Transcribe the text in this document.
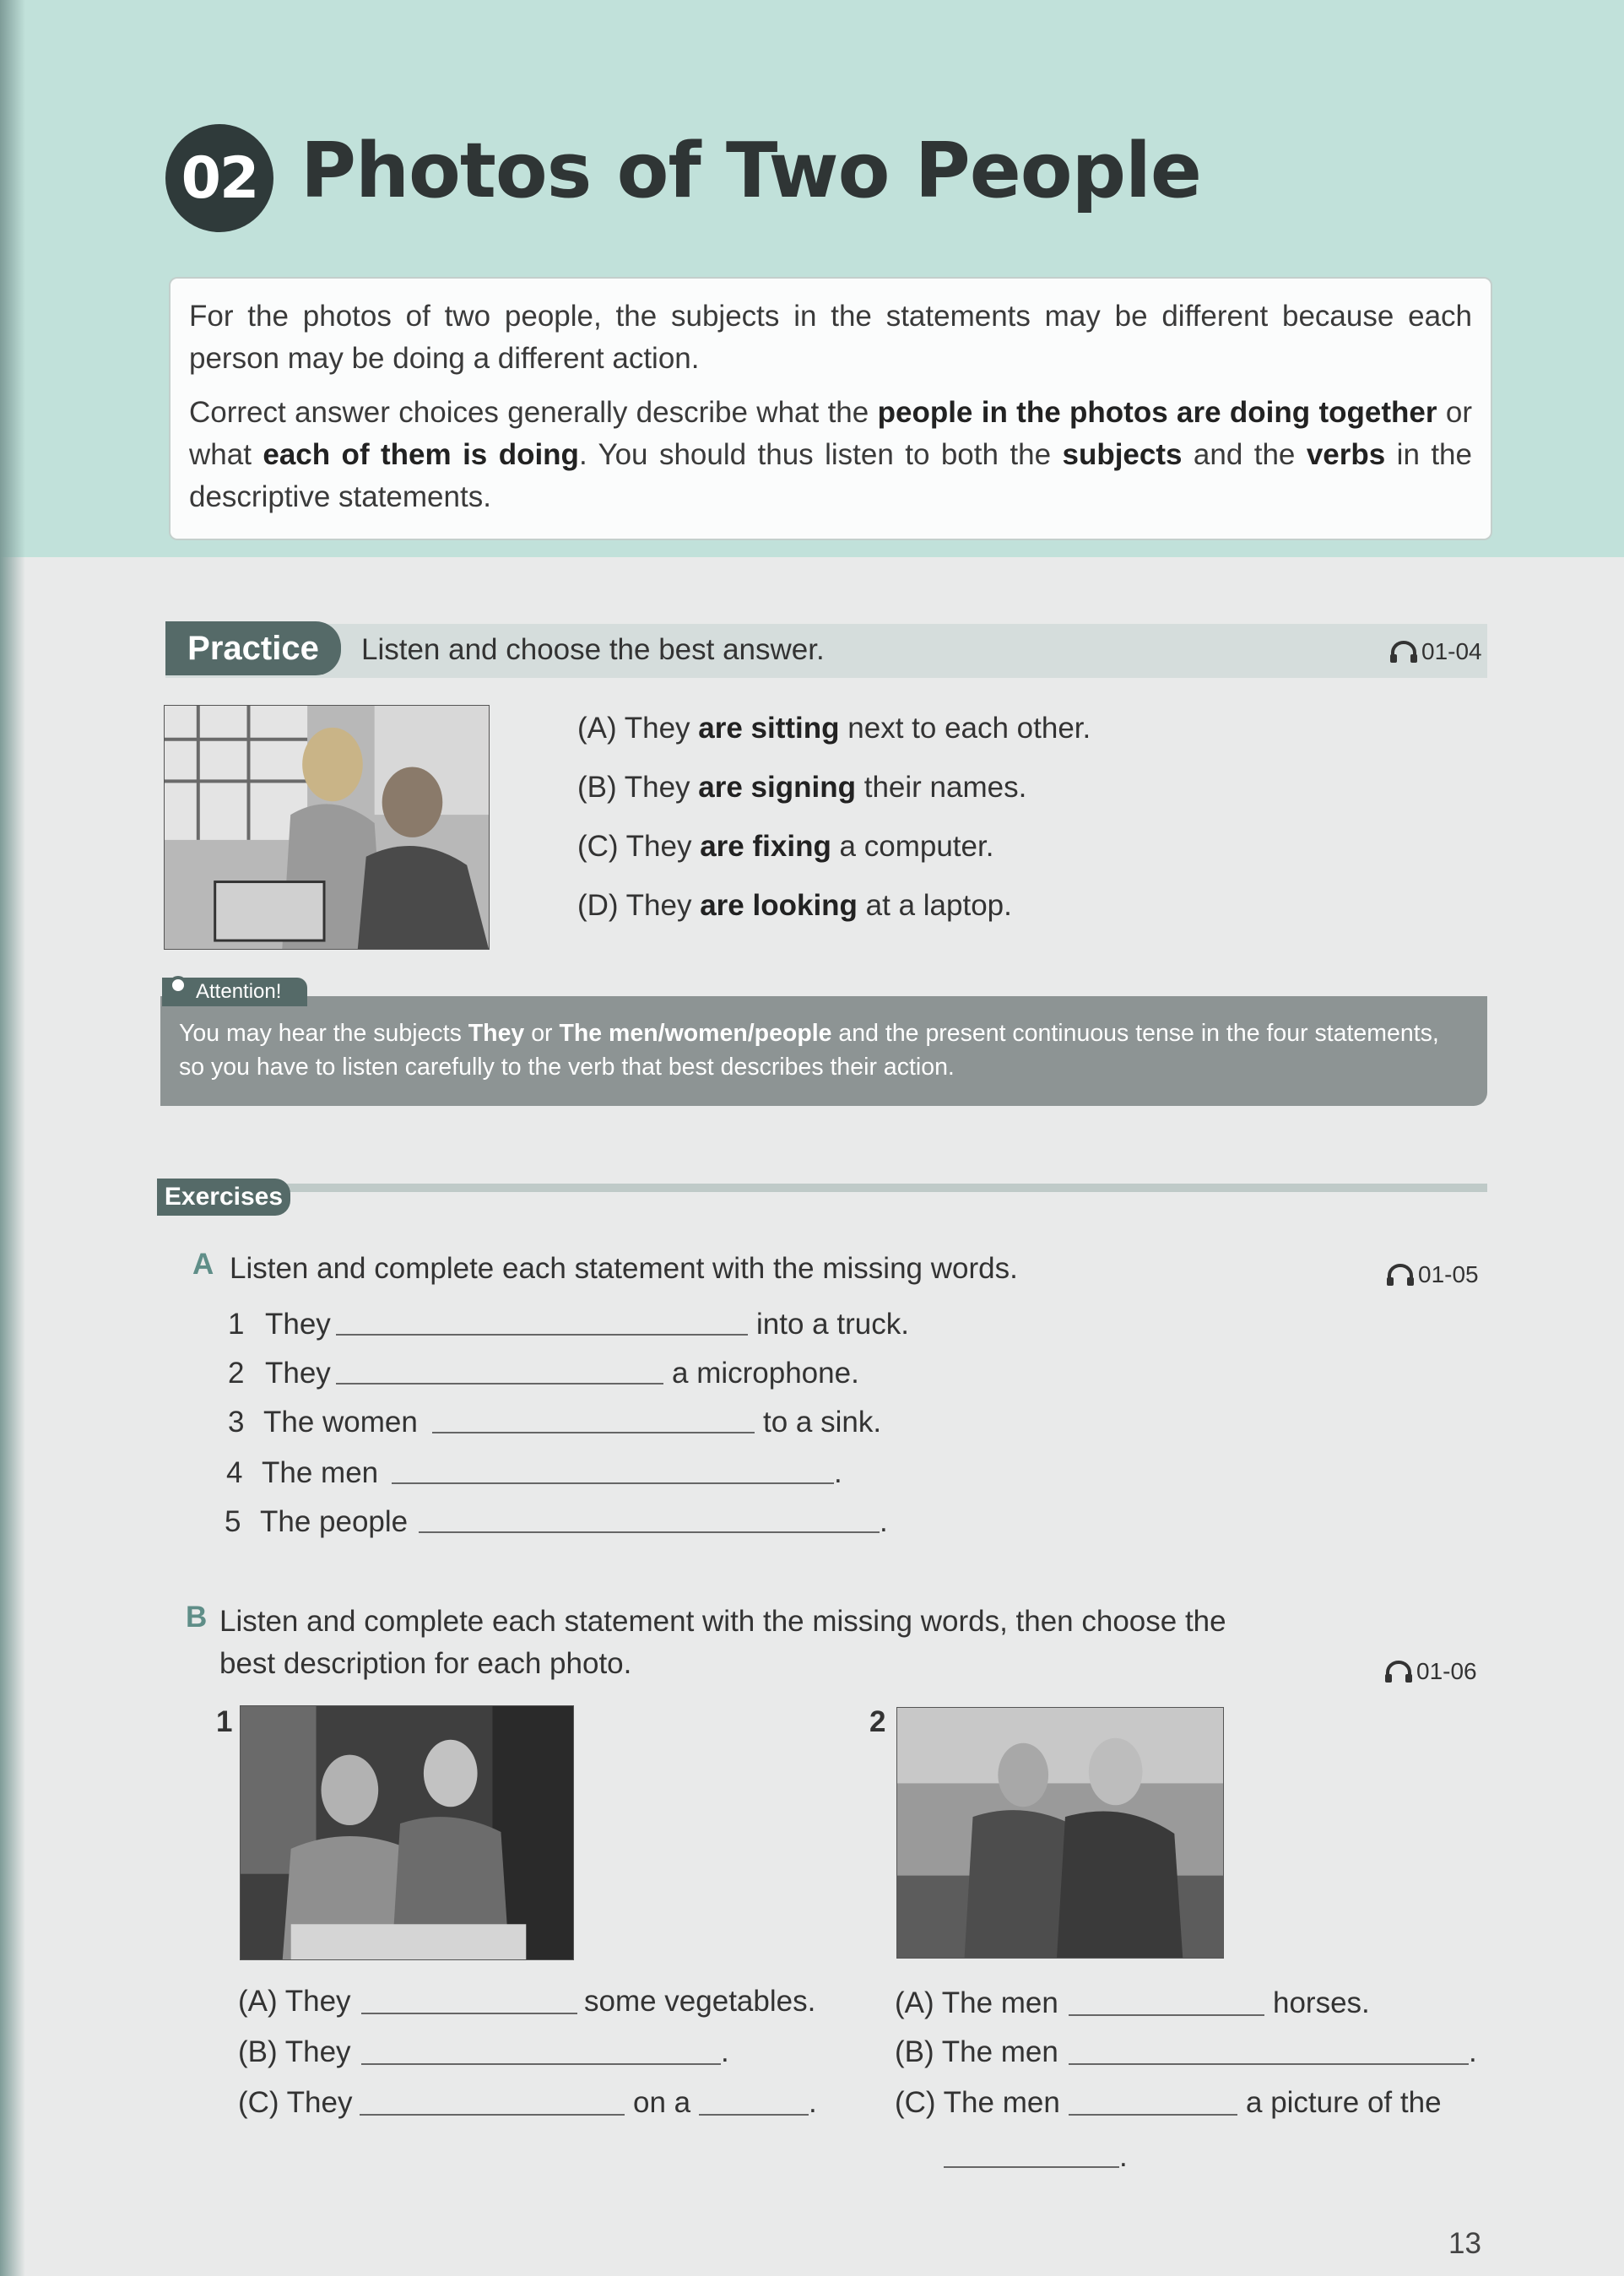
02 Photos of Two People

For the photos of two people, the subjects in the statements may be different because each person may be doing a different action.

Correct answer choices generally describe what the people in the photos are doing together or what each of them is doing. You should thus listen to both the subjects and the verbs in the descriptive statements.

Practice	Listen and choose the best answer.	01-04
(A) They are sitting next to each other.
(B) They are signing their names.
(C) They are fixing a computer.
(D) They are looking at a laptop.
You may hear the subjects They or The men/women/people and the present continuous tense in the four statements, so you have to listen carefully to the verb that best describes their action.
Attention!
Exercises
A Listen and complete each statement with the missing words.	01-05
1 They	into a truck.
2 They	a microphone.
3 The women	to a sink.
4 The men	.
5 The people	.
B Listen and complete each statement with the missing words, then choose the
best description for each photo.	01-06
1
(A) They	some vegetables.
(B) They	.
(C) They	on a	.
2
(A) The men	horses.
(B) The men	.
(C) The men	a picture of the
.
13
